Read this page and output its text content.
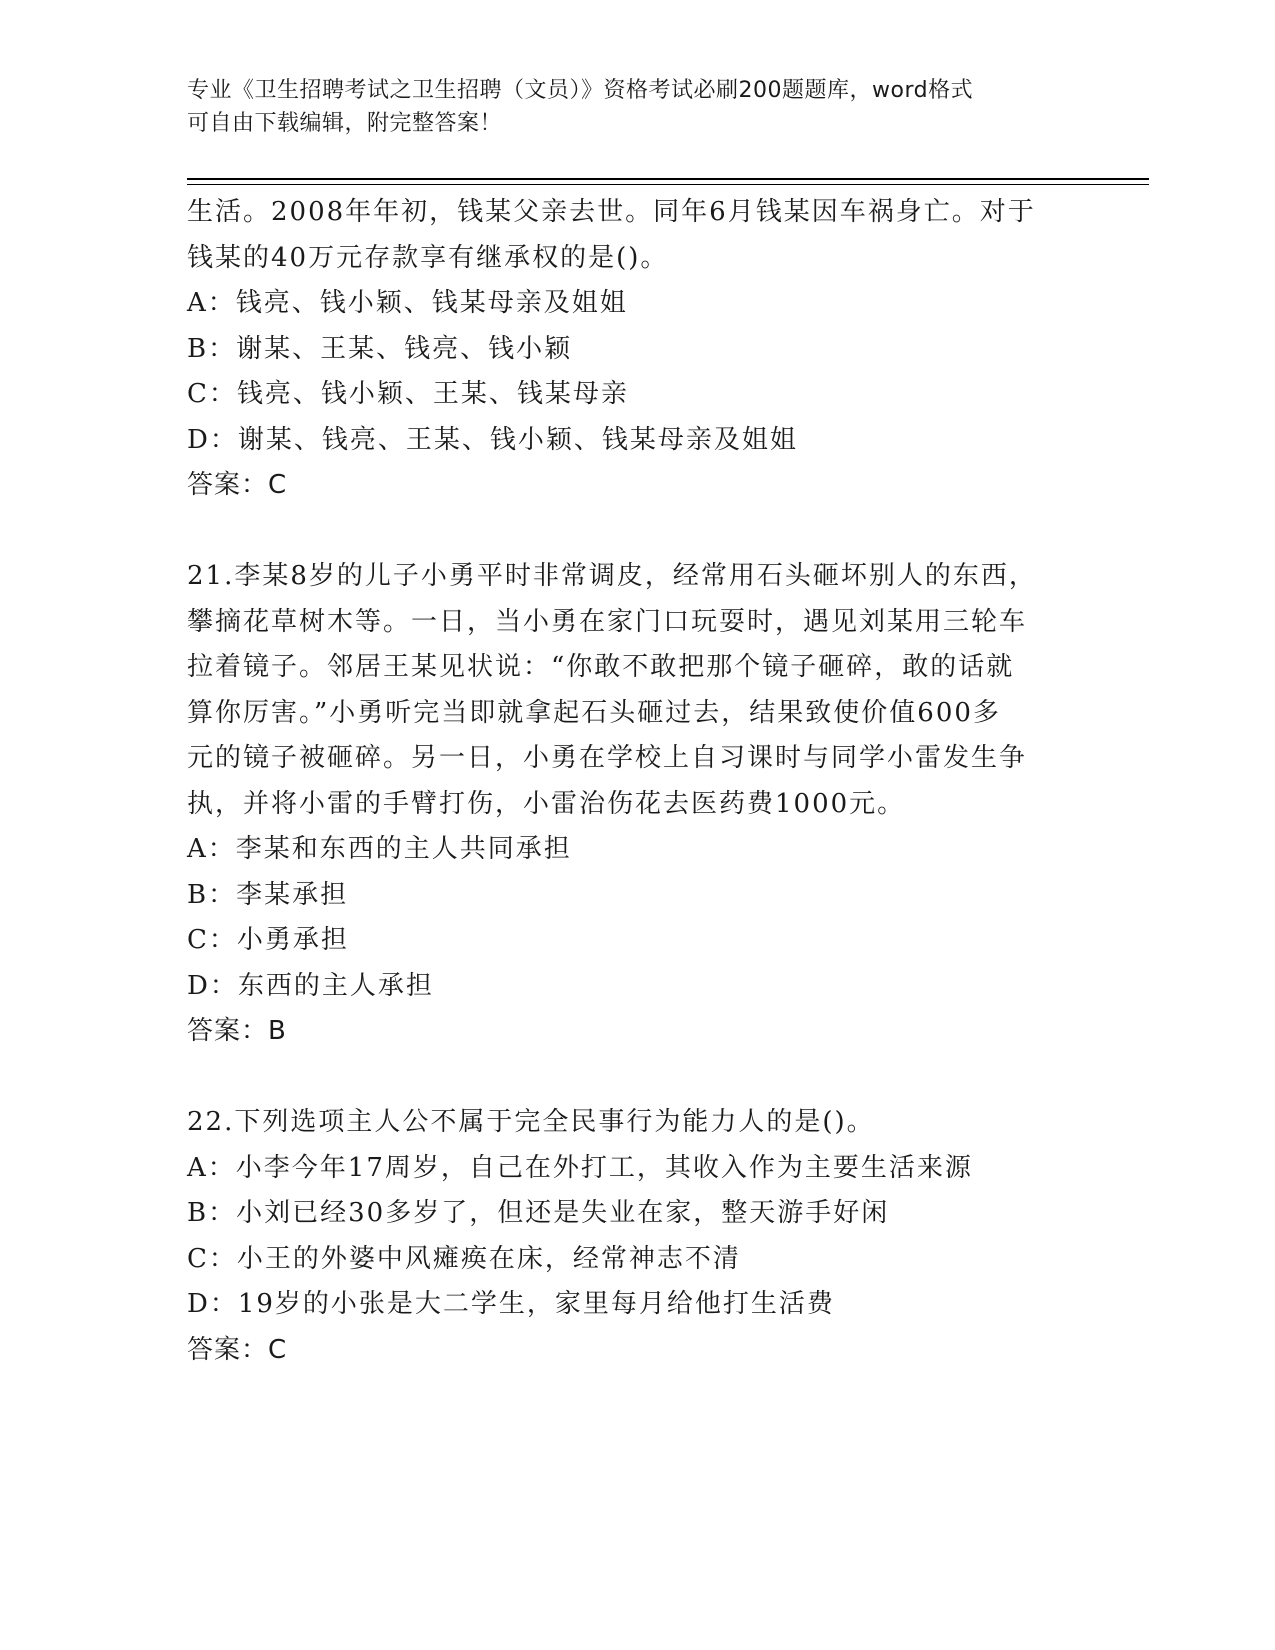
专业《卫生招聘考试之卫生招聘（文员）》资格考试必刷200题题库，word格式
可自由下载编辑，附完整答案！
生活。2008年年初，钱某父亲去世。同年6月钱某因车祸身亡。对于
钱某的40万元存款享有继承权的是()。
A：钱亮、钱小颖、钱某母亲及姐姐
B：谢某、王某、钱亮、钱小颖
C：钱亮、钱小颖、王某、钱某母亲
D：谢某、钱亮、王某、钱小颖、钱某母亲及姐姐
答案：C
21.李某8岁的儿子小勇平时非常调皮，经常用石头砸坏别人的东西，
攀摘花草树木等。一日，当小勇在家门口玩耍时，遇见刘某用三轮车
拉着镜子。邻居王某见状说：“你敢不敢把那个镜子砸碎，敢的话就
算你厉害。”小勇听完当即就拿起石头砸过去，结果致使价值600多
元的镜子被砸碎。另一日，小勇在学校上自习课时与同学小雷发生争
执，并将小雷的手臂打伤，小雷治伤花去医药费1000元。
A：李某和东西的主人共同承担
B：李某承担
C：小勇承担
D：东西的主人承担
答案：B
22.下列选项主人公不属于完全民事行为能力人的是()。
A：小李今年17周岁，自己在外打工，其收入作为主要生活来源
B：小刘已经30多岁了，但还是失业在家，整天游手好闲
C：小王的外婆中风瘫痪在床，经常神志不清
D：19岁的小张是大二学生，家里每月给他打生活费
答案：C
